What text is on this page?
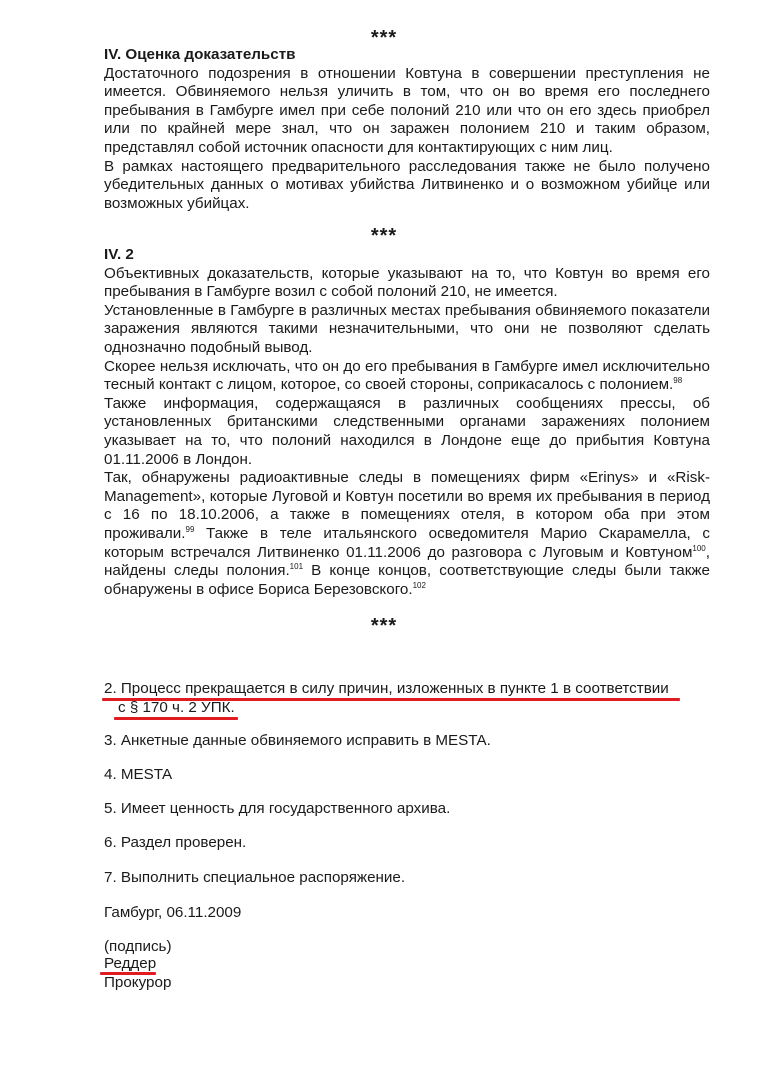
***
IV. Оценка доказательств

Достаточного подозрения в отношении Ковтуна в совершении преступления не имеется. Обвиняемого нельзя уличить в том, что он во время его последнего пребывания в Гамбурге имел при себе полоний 210 или что он его здесь приобрел или по крайней мере знал, что он заражен полонием 210 и таким образом, представлял собой источник опасности для контактирующих с ним лиц.

В рамках настоящего предварительного расследования также не было получено убедительных данных о мотивах убийства Литвиненко и о возможном убийце или возможных убийцах.

***
IV. 2

Объективных доказательств, которые указывают на то, что Ковтун во время его пребывания в Гамбурге возил с собой полоний 210, не имеется.

Установленные в Гамбурге в различных местах пребывания обвиняемого показатели заражения являются такими незначительными, что они не позволяют сделать однозначно подобный вывод.

Скорее нельзя исключать, что он до его пребывания в Гамбурге имел исключительно тесный контакт с лицом, которое, со своей стороны, соприкасалось с полонием.$^{98}$

Также информация, содержащаяся в различных сообщениях прессы, об установленных британскими следственными органами заражениях полонием указывает на то, что полоний находился в Лондоне еще до прибытия Ковтуна 01.11.2006 в Лондон.

Так, обнаружены радиоактивные следы в помещениях фирм «Erinys» и «Risk-Management», которые Луговой и Ковтун посетили во время их пребывания в период с 16 по 18.10.2006, а также в помещениях отеля, в котором оба при этом проживали.$^{99}$ Также в теле итальянского осведомителя Марио Скарамелла, с которым встречался Литвиненко 01.11.2006 до разговора с Луговым и Ковтуном$^{100}$, найдены следы полония.$^{101}$ В конце концов, соответствующие следы были также обнаружены в офисе Бориса Березовского.$^{102}$

***
2. Процесс прекращается в силу причин, изложенных в пункте 1 в соответствии
с § 170 ч. 2 УПК.
3. Анкетные данные обвиняемого исправить в MESTA.
4. MESTA
5. Имеет ценность для государственного архива.
6. Раздел проверен.
7. Выполнить специальное распоряжение.
Гамбург, 06.11.2009
(подпись)
Реддер
Прокурор
